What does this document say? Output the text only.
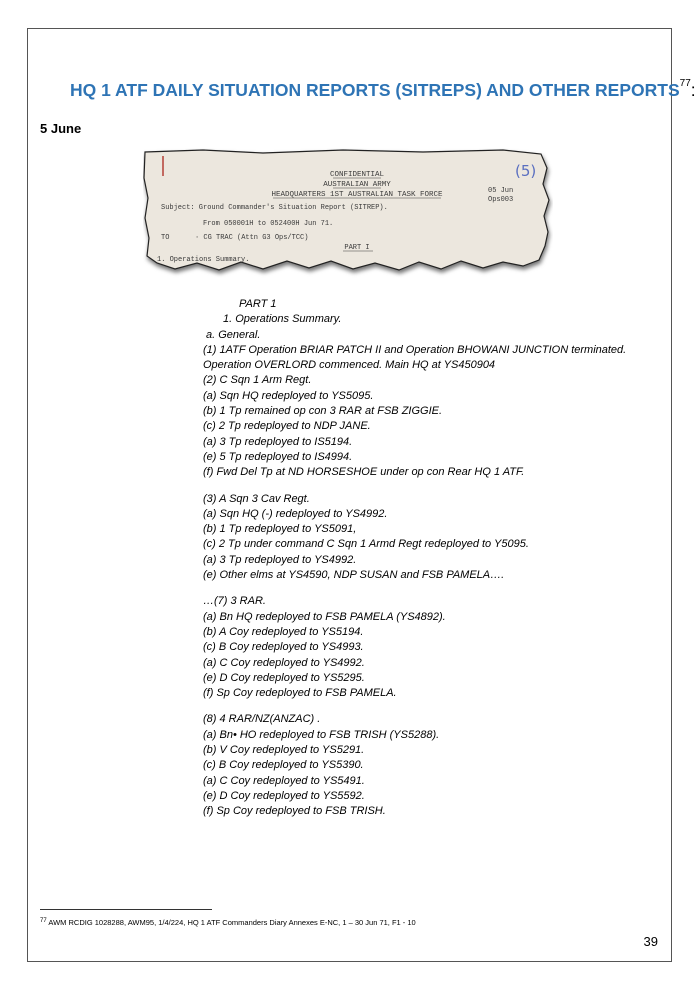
HQ 1 ATF DAILY SITUATION REPORTS (SITREPS) AND OTHER REPORTS$^{77}$:
5 June
CONFIDENTIAL
AUSTRALIAN ARMY
HEADQUARTERS 1ST AUSTRALIAN TASK FORCE	05 Jun
Ops003
Subject: Ground Commander's Situation Report (SITREP).
From 050001H to 052400H Jun 71.
TO	· CG TRAC (Attn G3 Ops/TCC)
PART I
1. Operations Summary.
(5)
PART 1
1. Operations Summary.
a. General.
(1) 1ATF Operation BRIAR PATCH II and Operation BHOWANI JUNCTION terminated.
Operation OVERLORD commenced. Main HQ at YS450904
(2) C Sqn 1 Arm Regt.
(a) Sqn HQ redeployed to YS5095.
(b) 1 Tp remained op con 3 RAR at FSB ZIGGIE.
(c) 2 Tp redeployed to NDP JANE.
(a) 3 Tp redeployed to IS5194.
(e) 5 Tp redeployed to IS4994.
(f) Fwd Del Tp at ND HORSESHOE under op con Rear HQ 1 ATF.
(3) A Sqn 3 Cav Regt.
(a) Sqn HQ (-) redeployed to YS4992.
(b) 1 Tp redeployed to YS5091,
(c) 2 Tp under command C Sqn 1 Armd Regt redeployed to Y5095.
(a) 3 Tp redeployed to YS4992.
(e) Other elms at YS4590, NDP SUSAN and FSB PAMELA….
…(7) 3 RAR.
(a) Bn HQ redeployed to FSB PAMELA (YS4892).
(b) A Coy redeployed to YS5194.
(c) B Coy redeployed to YS4993.
(a) C Coy redeployed to YS4992.
(e) D Coy redeployed to YS5295.
(f) Sp Coy redeployed to FSB PAMELA.
(8) 4 RAR/NZ(ANZAC) .
(a) Bn• HO redeployed to FSB TRISH (YS5288).
(b) V Coy redeployed to YS5291.
(c) B Coy redeployed to YS5390.
(a) C Coy redeployed to YS5491.
(e) D Coy redeployed to YS5592.
(f) Sp Coy redeployed to FSB TRISH.
$^{77}$ AWM RCDIG 1028288, AWM95, 1/4/224, HQ 1 ATF Commanders Diary Annexes E-NC, 1 – 30 Jun 71, F1 - 10
39
